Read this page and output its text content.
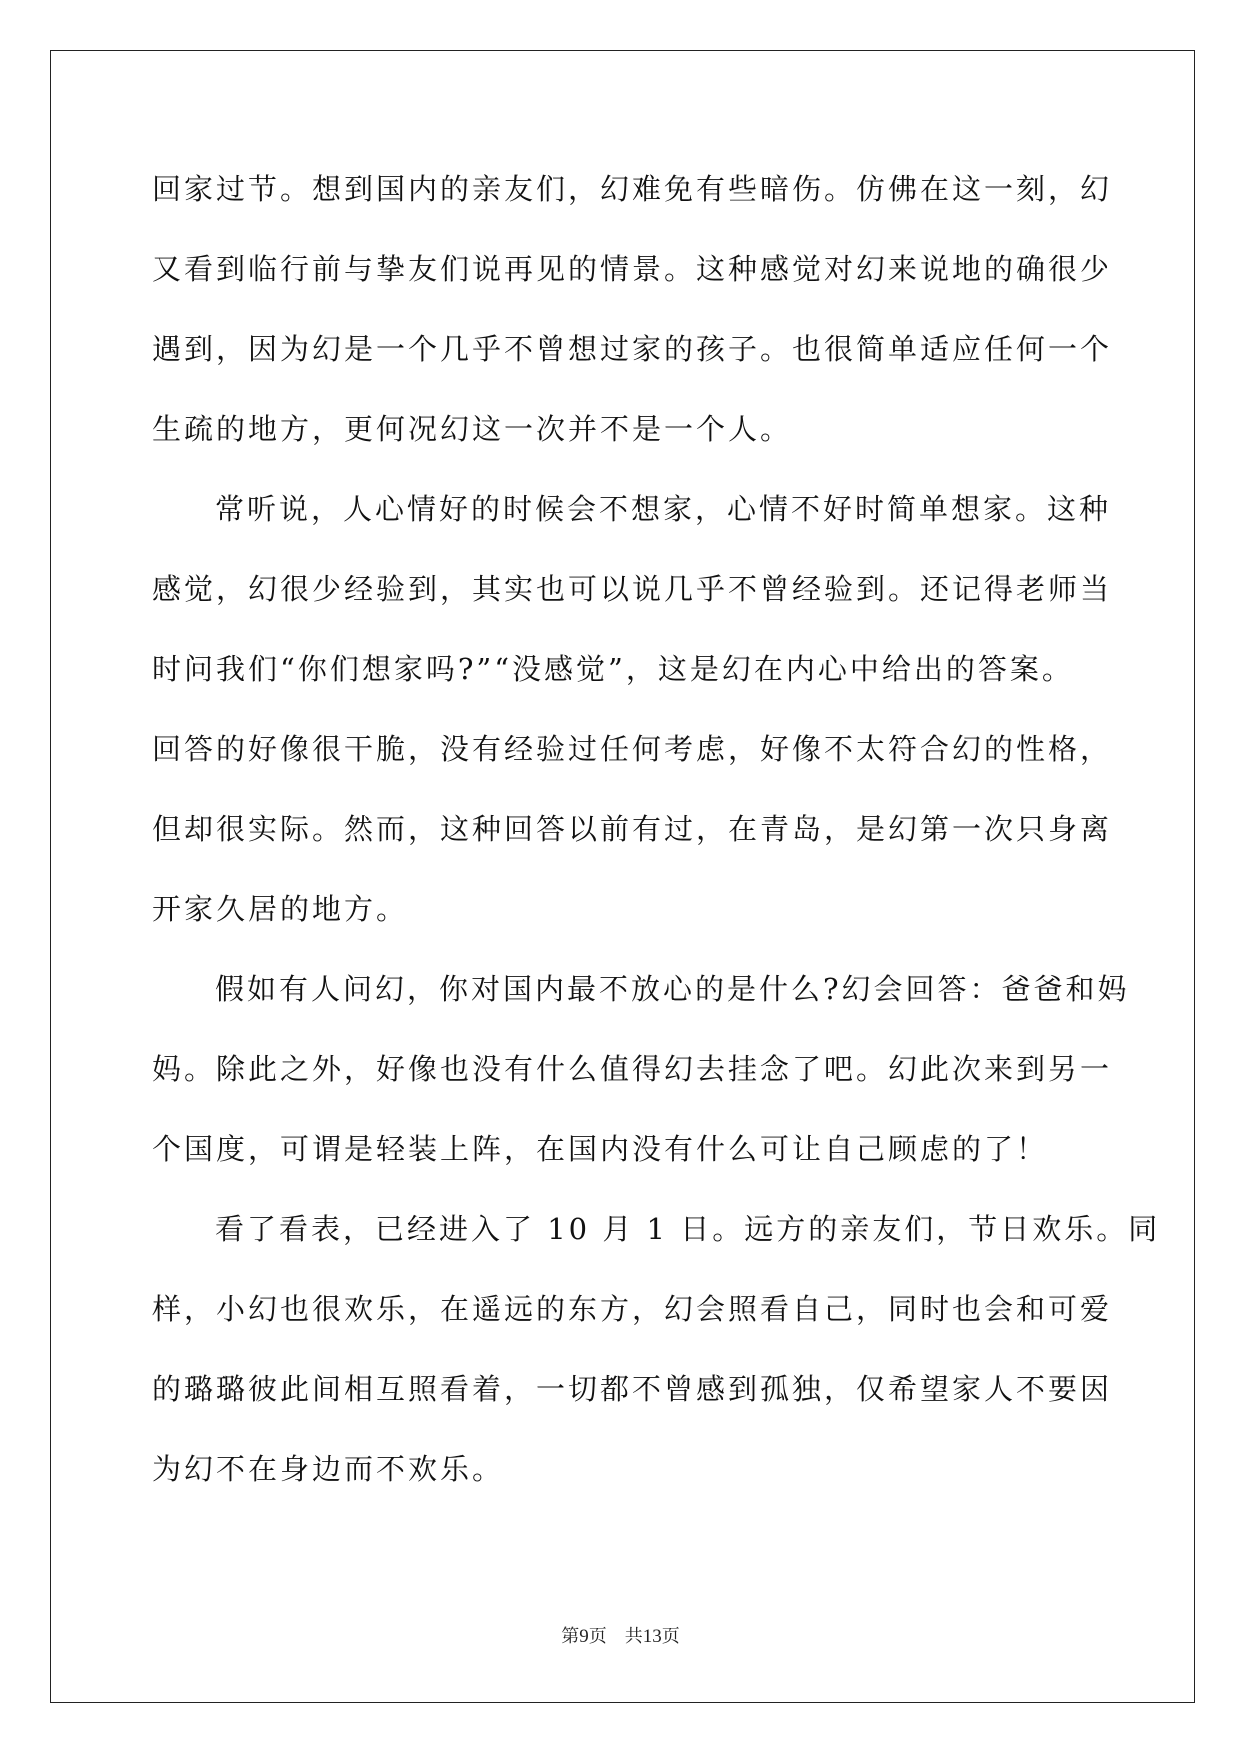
回家过节。想到国内的亲友们，幻难免有些暗伤。仿佛在这一刻，幻
又看到临行前与挚友们说再见的情景。这种感觉对幻来说地的确很少
遇到，因为幻是一个几乎不曾想过家的孩子。也很简单适应任何一个
生疏的地方，更何况幻这一次并不是一个人。
常听说，人心情好的时候会不想家，心情不好时简单想家。这种
感觉，幻很少经验到，其实也可以说几乎不曾经验到。还记得老师当
时问我们“你们想家吗?”“没感觉”，这是幻在内心中给出的答案。
回答的好像很干脆，没有经验过任何考虑，好像不太符合幻的性格，
但却很实际。然而，这种回答以前有过，在青岛，是幻第一次只身离
开家久居的地方。
假如有人问幻，你对国内最不放心的是什么?幻会回答：爸爸和妈
妈。除此之外，好像也没有什么值得幻去挂念了吧。幻此次来到另一
个国度，可谓是轻装上阵，在国内没有什么可让自己顾虑的了！
看了看表，已经进入了 10 月 1 日。远方的亲友们，节日欢乐。同
样，小幻也很欢乐，在遥远的东方，幻会照看自己，同时也会和可爱
的璐璐彼此间相互照看着，一切都不曾感到孤独，仅希望家人不要因
为幻不在身边而不欢乐。
第9页 共13页
